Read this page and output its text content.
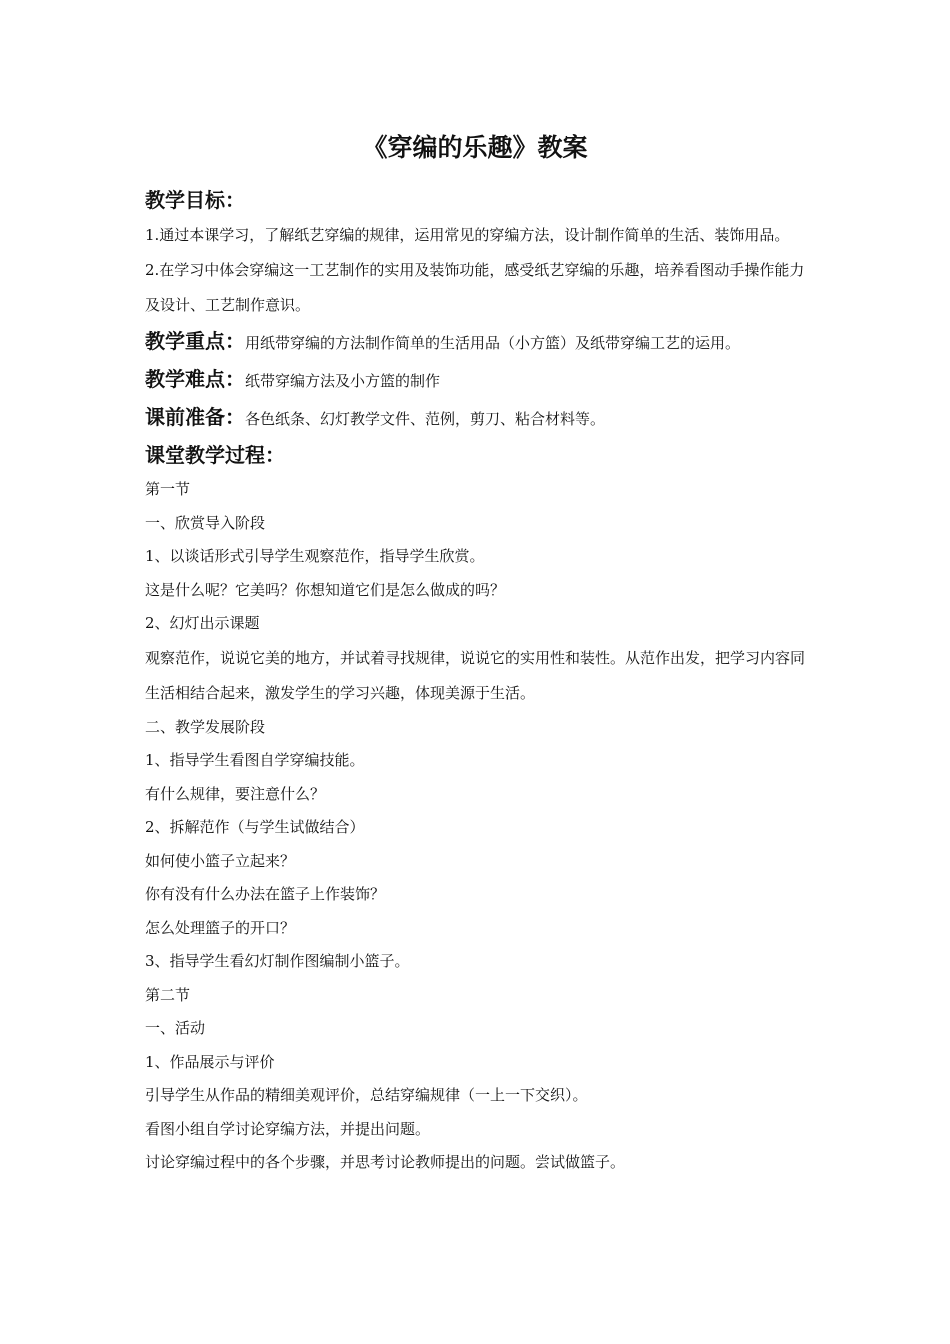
《穿编的乐趣》教案

教学目标：

1.通过本课学习，了解纸艺穿编的规律，运用常见的穿编方法，设计制作简单的生活、装饰用品。

2.在学习中体会穿编这一工艺制作的实用及装饰功能，感受纸艺穿编的乐趣，培养看图动手操作能力及设计、工艺制作意识。

教学重点：用纸带穿编的方法制作简单的生活用品（小方篮）及纸带穿编工艺的运用。

教学难点：纸带穿编方法及小方篮的制作

课前准备：各色纸条、幻灯教学文件、范例，剪刀、粘合材料等。

课堂教学过程：

第一节

一、欣赏导入阶段

1、以谈话形式引导学生观察范作，指导学生欣赏。

这是什么呢？它美吗？你想知道它们是怎么做成的吗？

2、幻灯出示课题

观察范作，说说它美的地方，并试着寻找规律，说说它的实用性和装性。从范作出发，把学习内容同生活相结合起来，激发学生的学习兴趣，体现美源于生活。

二、教学发展阶段

1、指导学生看图自学穿编技能。

有什么规律，要注意什么？

2、拆解范作（与学生试做结合）

如何使小篮子立起来？

你有没有什么办法在篮子上作装饰？

怎么处理篮子的开口？

3、指导学生看幻灯制作图编制小篮子。

第二节

一、活动

1、作品展示与评价

引导学生从作品的精细美观评价，总结穿编规律（一上一下交织）。

看图小组自学讨论穿编方法，并提出问题。

讨论穿编过程中的各个步骤，并思考讨论教师提出的问题。尝试做篮子。
